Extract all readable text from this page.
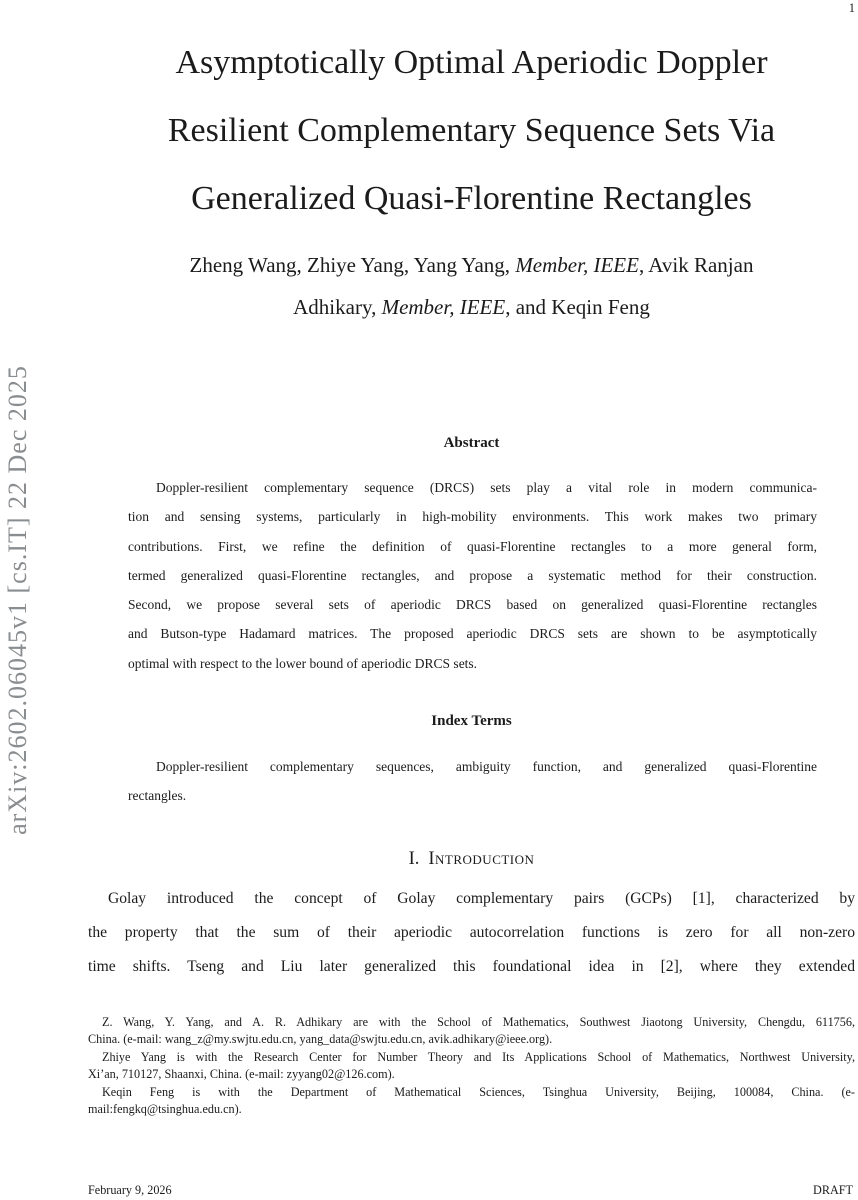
1
arXiv:2602.06045v1 [cs.IT] 22 Dec 2025
Asymptotically Optimal Aperiodic Doppler
Resilient Complementary Sequence Sets Via
Generalized Quasi-Florentine Rectangles
Zheng Wang, Zhiye Yang, Yang Yang, Member, IEEE, Avik Ranjan
Adhikary, Member, IEEE, and Keqin Feng
Abstract
Doppler-resilient complementary sequence (DRCS) sets play a vital role in modern communica-
tion and sensing systems, particularly in high-mobility environments. This work makes two primary
contributions. First, we refine the definition of quasi-Florentine rectangles to a more general form,
termed generalized quasi-Florentine rectangles, and propose a systematic method for their construction.
Second, we propose several sets of aperiodic DRCS based on generalized quasi-Florentine rectangles
and Butson-type Hadamard matrices. The proposed aperiodic DRCS sets are shown to be asymptotically
optimal with respect to the lower bound of aperiodic DRCS sets.
Index Terms
Doppler-resilient complementary sequences, ambiguity function, and generalized quasi-Florentine
rectangles.
I. Introduction
Golay introduced the concept of Golay complementary pairs (GCPs) [1], characterized by
the property that the sum of their aperiodic autocorrelation functions is zero for all non-zero
time shifts. Tseng and Liu later generalized this foundational idea in [2], where they extended
Z. Wang, Y. Yang, and A. R. Adhikary are with the School of Mathematics, Southwest Jiaotong University, Chengdu, 611756,
China. (e-mail: wang_z@my.swjtu.edu.cn, yang_data@swjtu.edu.cn, avik.adhikary@ieee.org).
Zhiye Yang is with the Research Center for Number Theory and Its Applications School of Mathematics, Northwest University,
Xi’an, 710127, Shaanxi, China. (e-mail: zyyang02@126.com).
Keqin Feng is with the Department of Mathematical Sciences, Tsinghua University, Beijing, 100084, China. (e-
mail:fengkq@tsinghua.edu.cn).
February 9, 2026	DRAFT
